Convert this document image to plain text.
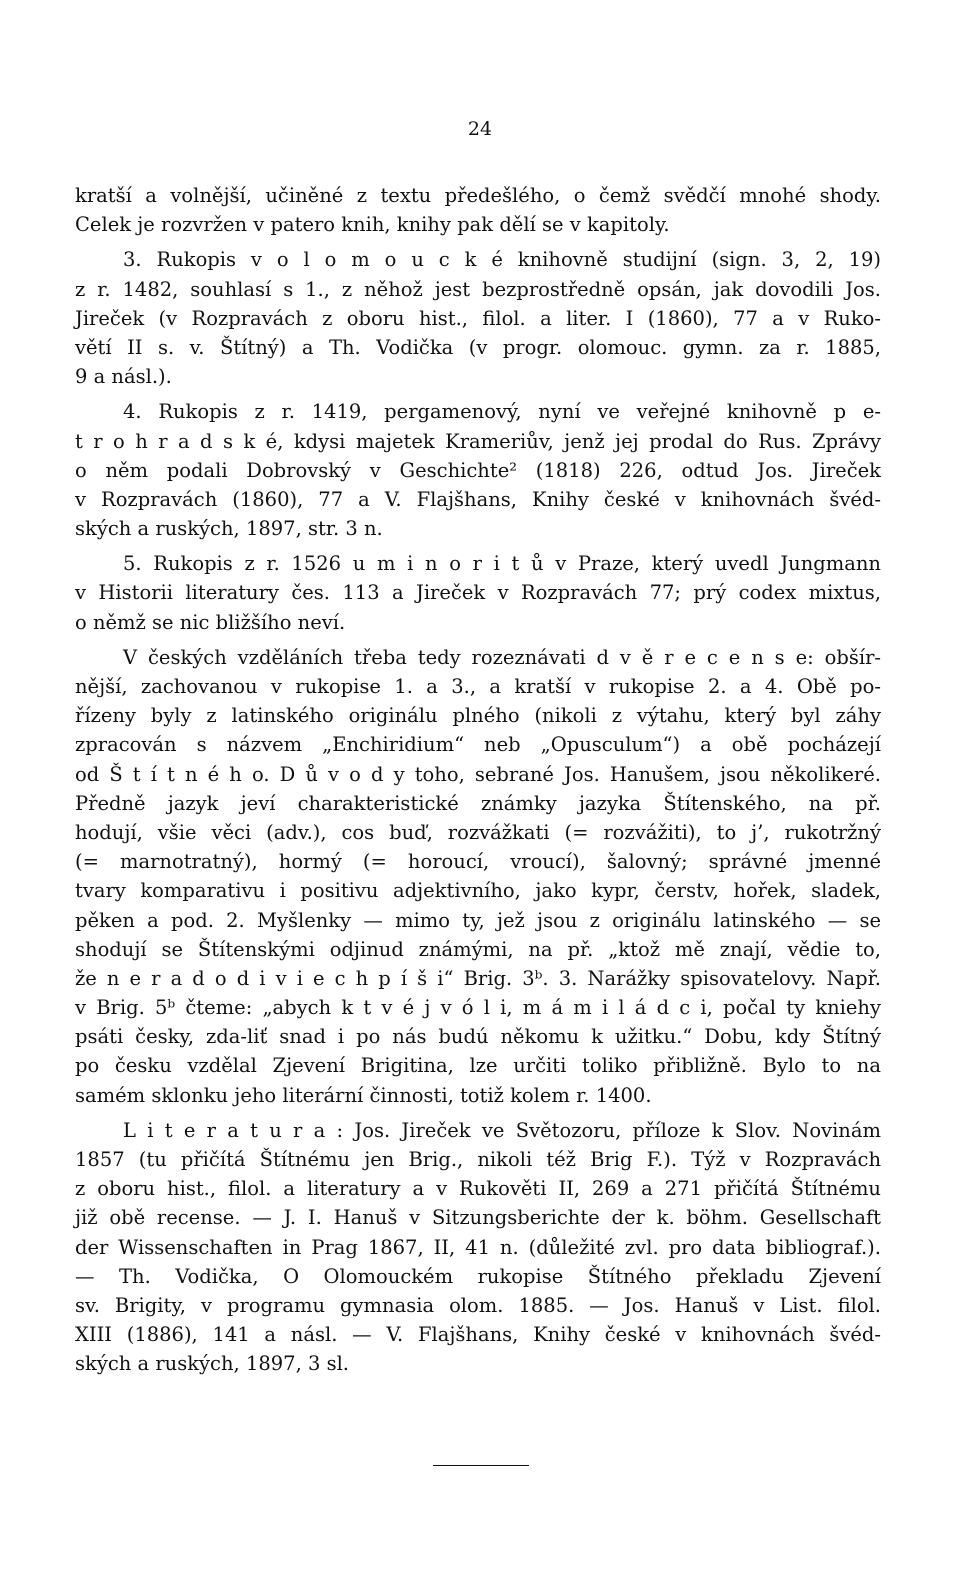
24
kratší a volnější, učiněné z textu předešlého, o čemž svědčí mnohé shody.
Celek je rozvržen v patero knih, knihy pak dělí se v kapitoly.
3. Rukopis v o l o m o u c k é knihovně studijní (sign. 3, 2, 19)
z r. 1482, souhlasí s 1., z něhož jest bezprostředně opsán, jak dovodili Jos.
Jireček (v Rozpravách z oboru hist., filol. a liter. I (1860), 77 a v Ruko-
větí II s. v. Štítný) a Th. Vodička (v progr. olomouc. gymn. za r. 1885,
9 a násl.).
4. Rukopis z r. 1419, pergamenový, nyní ve veřejné knihovně p e-
t r o h r a d s k é, kdysi majetek Krameriův, jenž jej prodal do Rus. Zprávy
o něm podali Dobrovský v Geschichte² (1818) 226, odtud Jos. Jireček
v Rozpravách (1860), 77 a V. Flajšhans, Knihy české v knihovnách švéd-
ských a ruských, 1897, str. 3 n.
5. Rukopis z r. 1526 u m i n o r i t ů v Praze, který uvedl Jungmann
v Historii literatury čes. 113 a Jireček v Rozpravách 77; prý codex mixtus,
o němž se nic bližšího neví.
V českých vzděláních třeba tedy rozeznávati d v ě r e c e n s e: obšír-
nější, zachovanou v rukopise 1. a 3., a kratší v rukopise 2. a 4. Obě po-
řízeny byly z latinského originálu plného (nikoli z výtahu, který byl záhy
zpracován s názvem „Enchiridium“ neb „Opusculum“) a obě pocházejí
od Š t í t n é h o. D ů v o d y toho, sebrané Jos. Hanušem, jsou několikeré.
Předně jazyk jeví charakteristické známky jazyka Štítenského, na př.
hodují, všie věci (adv.), cos buď, rozvážkati (= rozvážiti), to j’, rukotržný
(= marnotratný), hormý (= horoucí, vroucí), šalovný; správné jmenné
tvary komparativu i positivu adjektivního, jako kypr, čerstv, hořek, sladek,
pěken a pod. 2. Myšlenky — mimo ty, jež jsou z originálu latinského — se
shodují se Štítenskými odjinud známými, na př. „ktož mě znají, vědie to,
že n e r a d o d i v i e c h p í š i“ Brig. 3ᵇ. 3. Narážky spisovatelovy. Např.
v Brig. 5ᵇ čteme: „abych k t v é j v ó l i, m á m i l á d c i, počal ty kniehy
psáti česky, zda-liť snad i po nás budú někomu k užitku.“ Dobu, kdy Štítný
po česku vzdělal Zjevení Brigitina, lze určiti toliko přibližně. Bylo to na
samém sklonku jeho literární činnosti, totiž kolem r. 1400.
L i t e r a t u r a : Jos. Jireček ve Světozoru, příloze k Slov. Novinám
1857 (tu přičítá Štítnému jen Brig., nikoli též Brig F.). Týž v Rozpravách
z oboru hist., filol. a literatury a v Rukověti II, 269 a 271 přičítá Štítnému
již obě recense. — J. I. Hanuš v Sitzungsberichte der k. böhm. Gesellschaft
der Wissenschaften in Prag 1867, II, 41 n. (důležité zvl. pro data bibliograf.).
— Th. Vodička, O Olomouckém rukopise Štítného překladu Zjevení
sv. Brigity, v programu gymnasia olom. 1885. — Jos. Hanuš v List. filol.
XIII (1886), 141 a násl. — V. Flajšhans, Knihy české v knihovnách švéd-
ských a ruských, 1897, 3 sl.
